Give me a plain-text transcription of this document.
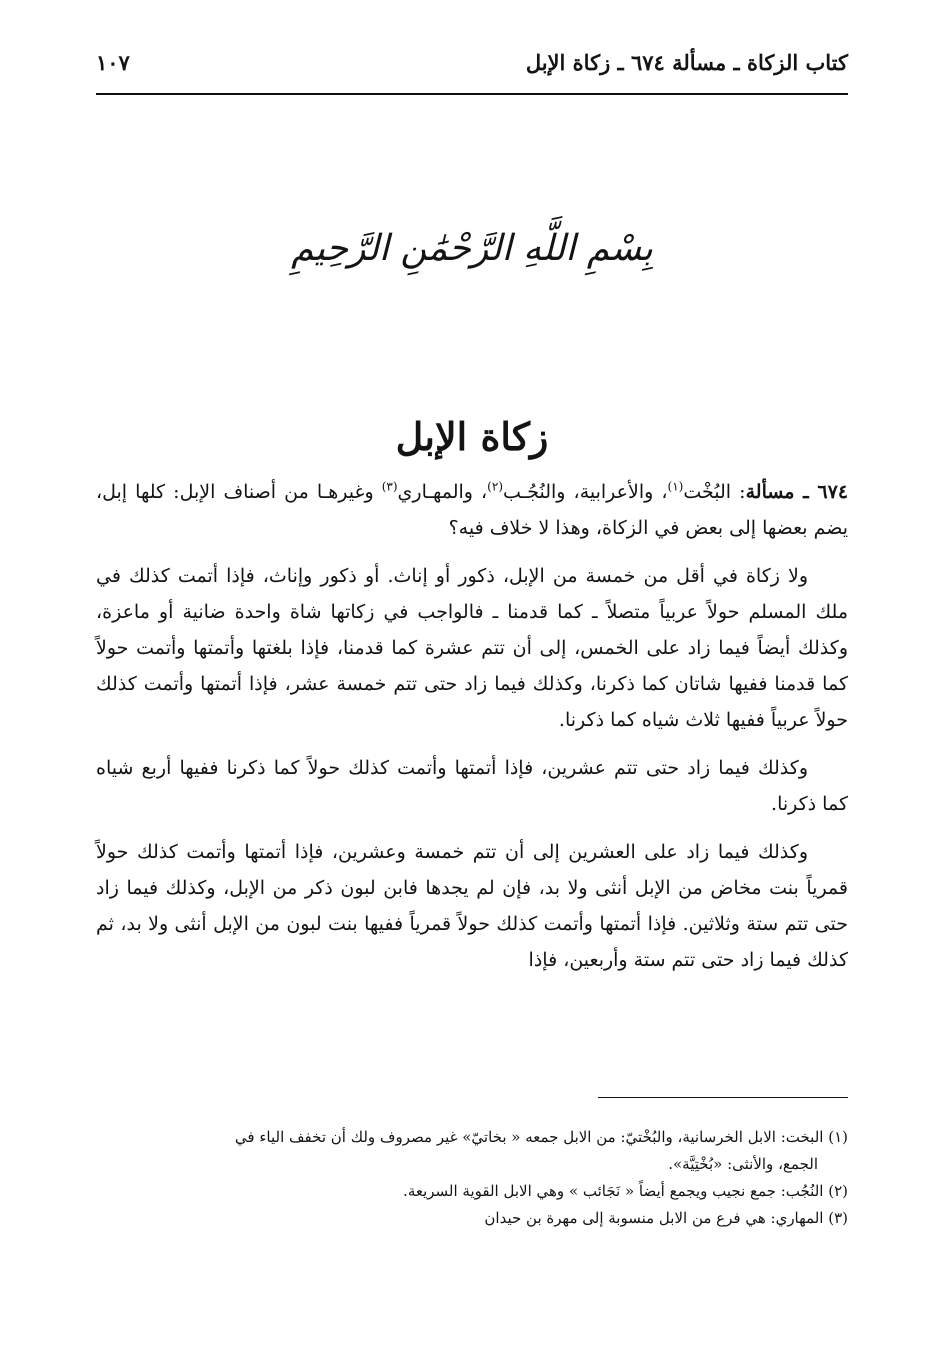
كتاب الزكاة ـ مسألة ٦٧٤ ـ زكاة الإبل
١٠٧
بِسْمِ اللَّهِ الرَّحْمَٰنِ الرَّحِيمِ
زكاة الإبل

٦٧٤ ـ مسألة: البُخْت$^{(١)}$، والأعرابية، والنُجُـب$^{(٢)}$، والمهـاري$^{(٣)}$ وغيرهـا من أصناف الإبل: كلها إبل، يضم بعضها إلى بعض في الزكاة، وهذا لا خلاف فيه؟

ولا زكاة في أقل من خمسة من الإبل، ذكور أو إناث. أو ذكور وإناث، فإذا أتمت كذلك في ملك المسلم حولاً عربياً متصلاً ـ كما قدمنا ـ فالواجب في زكاتها شاة واحدة ضانية أو ماعزة، وكذلك أيضاً فيما زاد على الخمس، إلى أن تتم عشرة كما قدمنا، فإذا بلغتها وأتمتها وأتمت حولاً كما قدمنا ففيها شاتان كما ذكرنا، وكذلك فيما زاد حتى تتم خمسة عشر، فإذا أتمتها وأتمت كذلك حولاً عربياً ففيها ثلاث شياه كما ذكرنا.

وكذلك فيما زاد حتى تتم عشرين، فإذا أتمتها وأتمت كذلك حولاً كما ذكرنا ففيها أربع شياه كما ذكرنا.

وكذلك فيما زاد على العشرين إلى أن تتم خمسة وعشرين، فإذا أتمتها وأتمت كذلك حولاً قمرياً بنت مخاض من الإبل أنثى ولا بد، فإن لم يجدها فابن لبون ذكر من الإبل، وكذلك فيما زاد حتى تتم ستة وثلاثين. فإذا أتمتها وأتمت كذلك حولاً قمرياً ففيها بنت لبون من الإبل أنثى ولا بد، ثم كذلك فيما زاد حتى تتم ستة وأربعين، فإذا

(١) البخت: الابل الخرسانية، والبُخْتيّ: من الابل جمعه « بخاتيّ» غير مصروف ولك أن تخفف الياء في

الجمع، والأنثى: «بُخْتِيَّة».

(٢) النُجُب: جمع نجيب ويجمع أيضاً « نَجَائب » وهي الابل القوية السريعة.

(٣) المهاري: هي فرع من الابل منسوبة إلى مهرة بن حيدان
